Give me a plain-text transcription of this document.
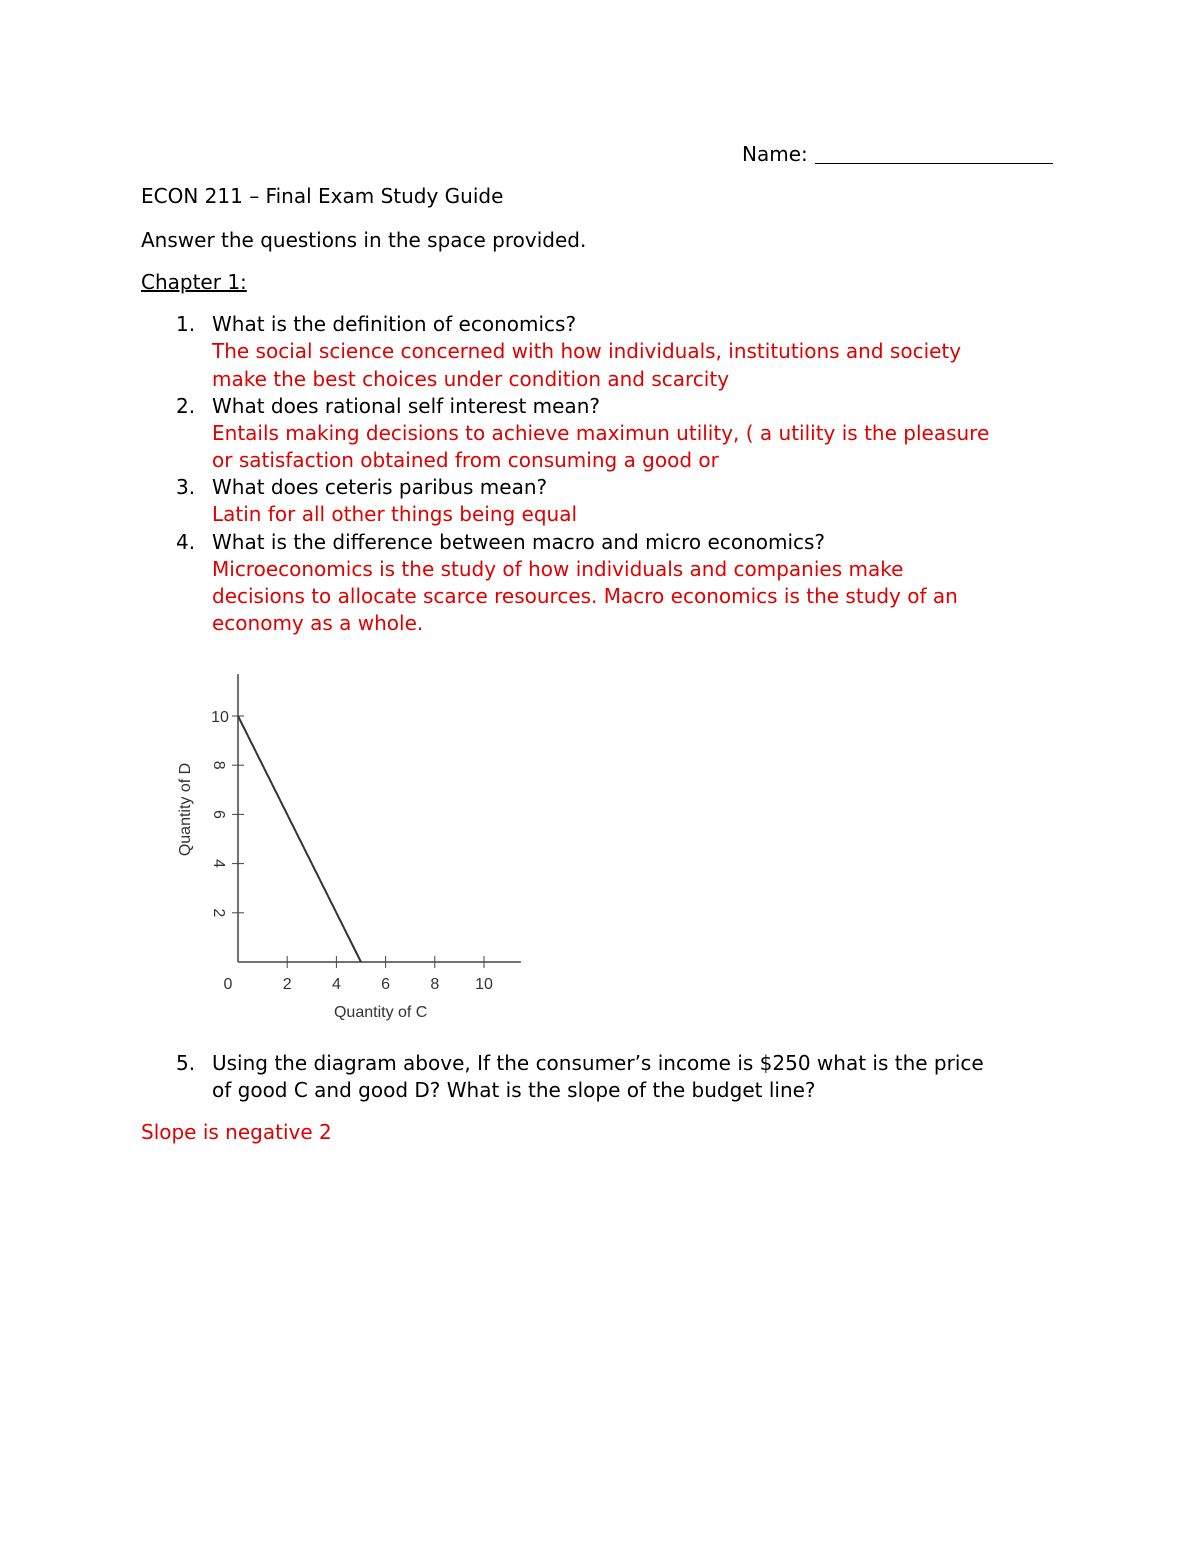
Name:
ECON 211 – Final Exam Study Guide
Answer the questions in the space provided.
Chapter 1:
1. What is the definition of economics?
The social science concerned with how individuals, institutions and society
make the best choices under condition and scarcity
2. What does rational self interest mean?
Entails making decisions to achieve maximun utility, ( a utility is the pleasure
or satisfaction obtained from consuming a good or
3. What does ceteris paribus mean?
Latin for all other things being equal
4. What is the difference between macro and micro economics?
Microeconomics is the study of how individuals and companies make
decisions to allocate scarce resources. Macro economics is the study of an
economy as a whole.
2	4	6	8 10
0
2
4
6
8
10
Quantity of C
Quantity of D
5. Using the diagram above, If the consumer’s income is $250 what is the price
of good C and good D? What is the slope of the budget line?
Slope is negative 2
